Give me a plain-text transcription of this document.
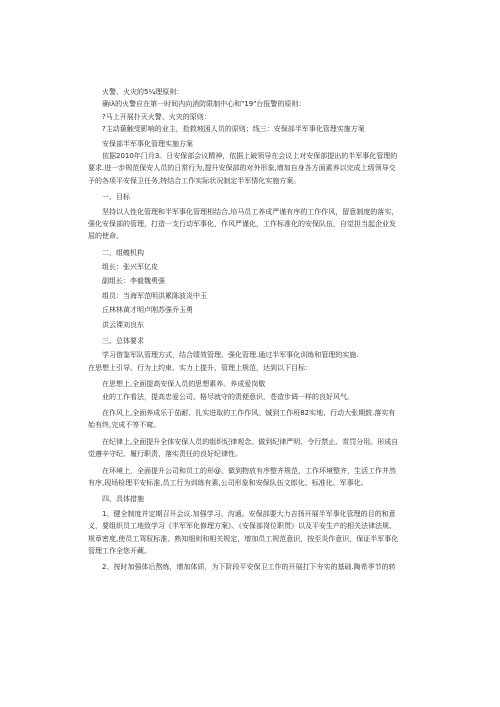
火警、火灾的5¼理原则：
确iλ的火警应在第一时间内向消防限制中心和"19"台报警的原则：
?马上开展扑灭火警、火灾的原则：
?主动藐触受影响的业主，抢救坡困人员的原则；线三：安保部半军事化管理实施方案
安保部半军事化管理实施方案
依据2010年门月3。日安保部会议精神，依据上破领导在会议上对安保部提出的半军事化管理的
要求.进一步规范保安人员的日常行为,提升安保部的对外形象,增加自身各方面素养以完成上级领导交
予的各项平安保卫任务,特结合工作实际状况制定半军情化实施方案。
一、目标
坚持以人性化管理和半军事化管理相结合,培马员工养成严谨有序的工作作风，留意制度的落实，
强化安保部的管理，打造一支行动军事化，作风严谨化，工作标准化的安保队伍，自觉担当起企业发
屈的使命。
二、组蝮机构
组长：张兴军亿皮
副组长：李毅魏勇强
组员：当海军范明洪累陈波炎中玉
丘林林黄才明卢刚苏强乔玉勇
洪云裸刘良东
三、总体要求
学习借鉴军队管理方式，结合绩效管理、强化管理.通过半军事化训练和管理的实施.
在思想上引导、行为上约束、实力上提升、管理上规范，达到以下目标：
在思想上,全面提高安保人员的思想素养。养成爱岗敬
业的工作看法，提高忠爱公司、格尽就守的责便意识，苍造步调一样的良好风气。
在作风上,全面养成乐于茄耐、扎实进取的工作作风。铖到工作班82实地、行动大张期鼓.落实有
始有终,完成不等不窥。
在纪律上,全面提升全体安保人员的组织纪律观念。做到纪律严明、令行禁止、赏罚分用。形成自
觉遵辛守纪、履行职责、落实责任的良好纪律性。
在环境上，全面提升公司和员工的形@。做到物放有序整齐规范，工作环境整齐，生活工作井然
有序,现场检理平安标准,员工行为训练有素,公司形象和安保队伍文郎化、标准化、军事化。
四、具体措施
1、健全制度并定期召开会议.加强学习、沟通。安保部要大力吉扬开展半军事化管理的目的和意
义，要组织员工地致学习《半军军化修理方案》、《安保部岗位职贯》以及平安生产的相关法律法规、
规章密度,使员工驾驭标准、熟知细则和相关规定，增加员工规范意识，按至炎作意识，保证半军事化
管理工作全您开藏。
2、按时加强体后熬炼，增加体质，为下阶段平安保卫工作的开展打下夯实的基础.陶希季节的转
